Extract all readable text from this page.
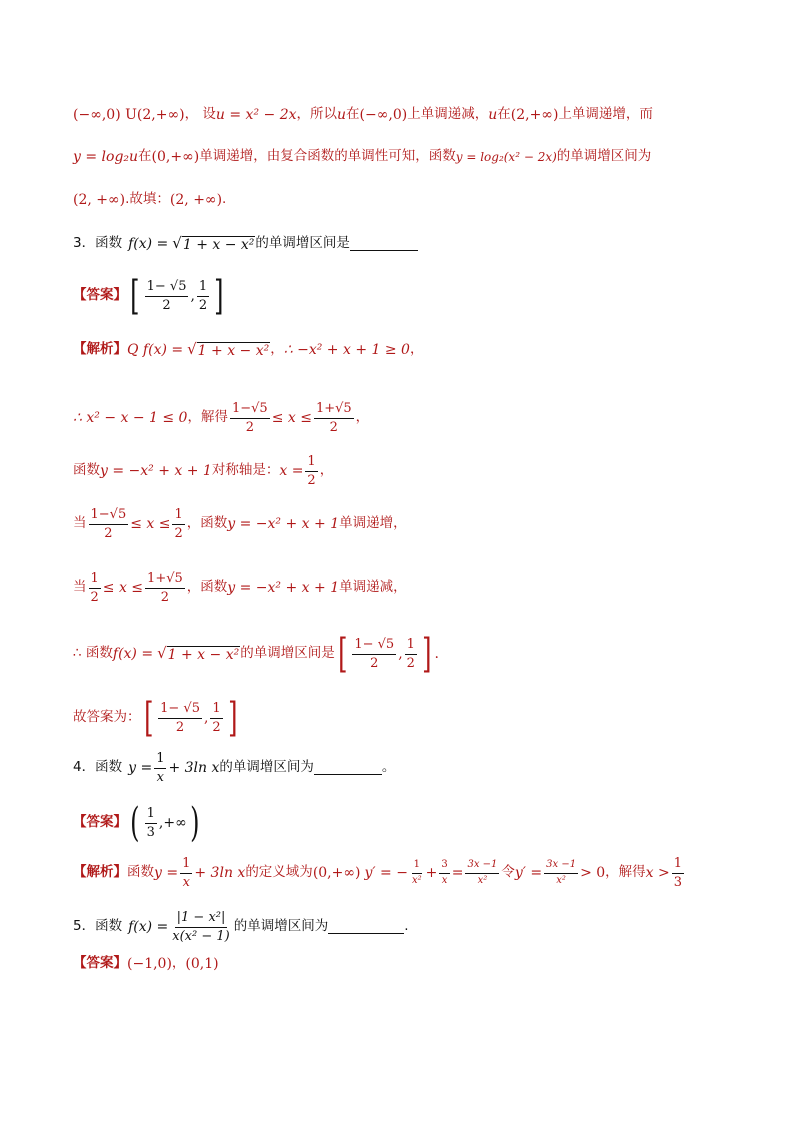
(−∞,0) U(2,+∞) ， 设 u = x² − 2x ，所以 u 在 (−∞,0) 上单调递减， u 在 (2,+∞) 上单调递增，而
y = log₂u 在 (0,+∞) 单调递增，由复合函数的单调性可知，函数 y = log₂(x² − 2x) 的单调增区间为
(2, +∞) .故填： (2, +∞) .
3．函数 f(x) = √ 1 + x − x² 的单调增区间是
【答案】 [ $\frac{1- √5}{2}$ , $\frac{1}{2}$ ]
【解析】 Q f(x) = √ 1 + x − x² ， ∴ −x² + x + 1 ≥ 0 ，
∴ x² − x − 1 ≤ 0 ，解得 $\frac{1-√5}{2} \le x \le \frac{1+√5}{2}$ ，
函数 y = −x² + x + 1 对称轴是： $x = \frac{1}{2}$ ，
当 $\frac{1-√5}{2} \le x \le \frac{1}{2}$ ，函数 y = −x² + x + 1 单调递增，
当 $\frac{1}{2} \le x \le \frac{1+√5}{2}$ ，函数 y = −x² + x + 1 单调递减，
∴ 函数 f(x) = √ 1 + x − x² 的单调增区间是 [ $\frac{1- √5}{2}$ , $\frac{1}{2}$ ] .
故答案为： [ $\frac{1- √5}{2}$ , $\frac{1}{2}$ ]
4．函数 $y = \frac{1}{x} + 3\ln$ x 的单调增区间为	。
【答案】 ( $\frac{1}{3}$ ,+∞ )
【解析】 函数 $y = \frac{1}{x} + 3\ln$ x 的定义域为 (0,+∞) y′ = − $\frac{1}{\text{x²}} + \frac{3}{x} = \frac{3x -1}{\text{x²}}$ 令 $y' = \frac{3x -1}{\text{x²}} > 0$ ，解得 $x > \frac{1}{3}$
5．函数 $f(x) = \frac{\text{|1 − x²|}}{\text{x(x² − 1)}}$ 的单调增区间为	.
【答案】 (−1,0) ， (0,1)
